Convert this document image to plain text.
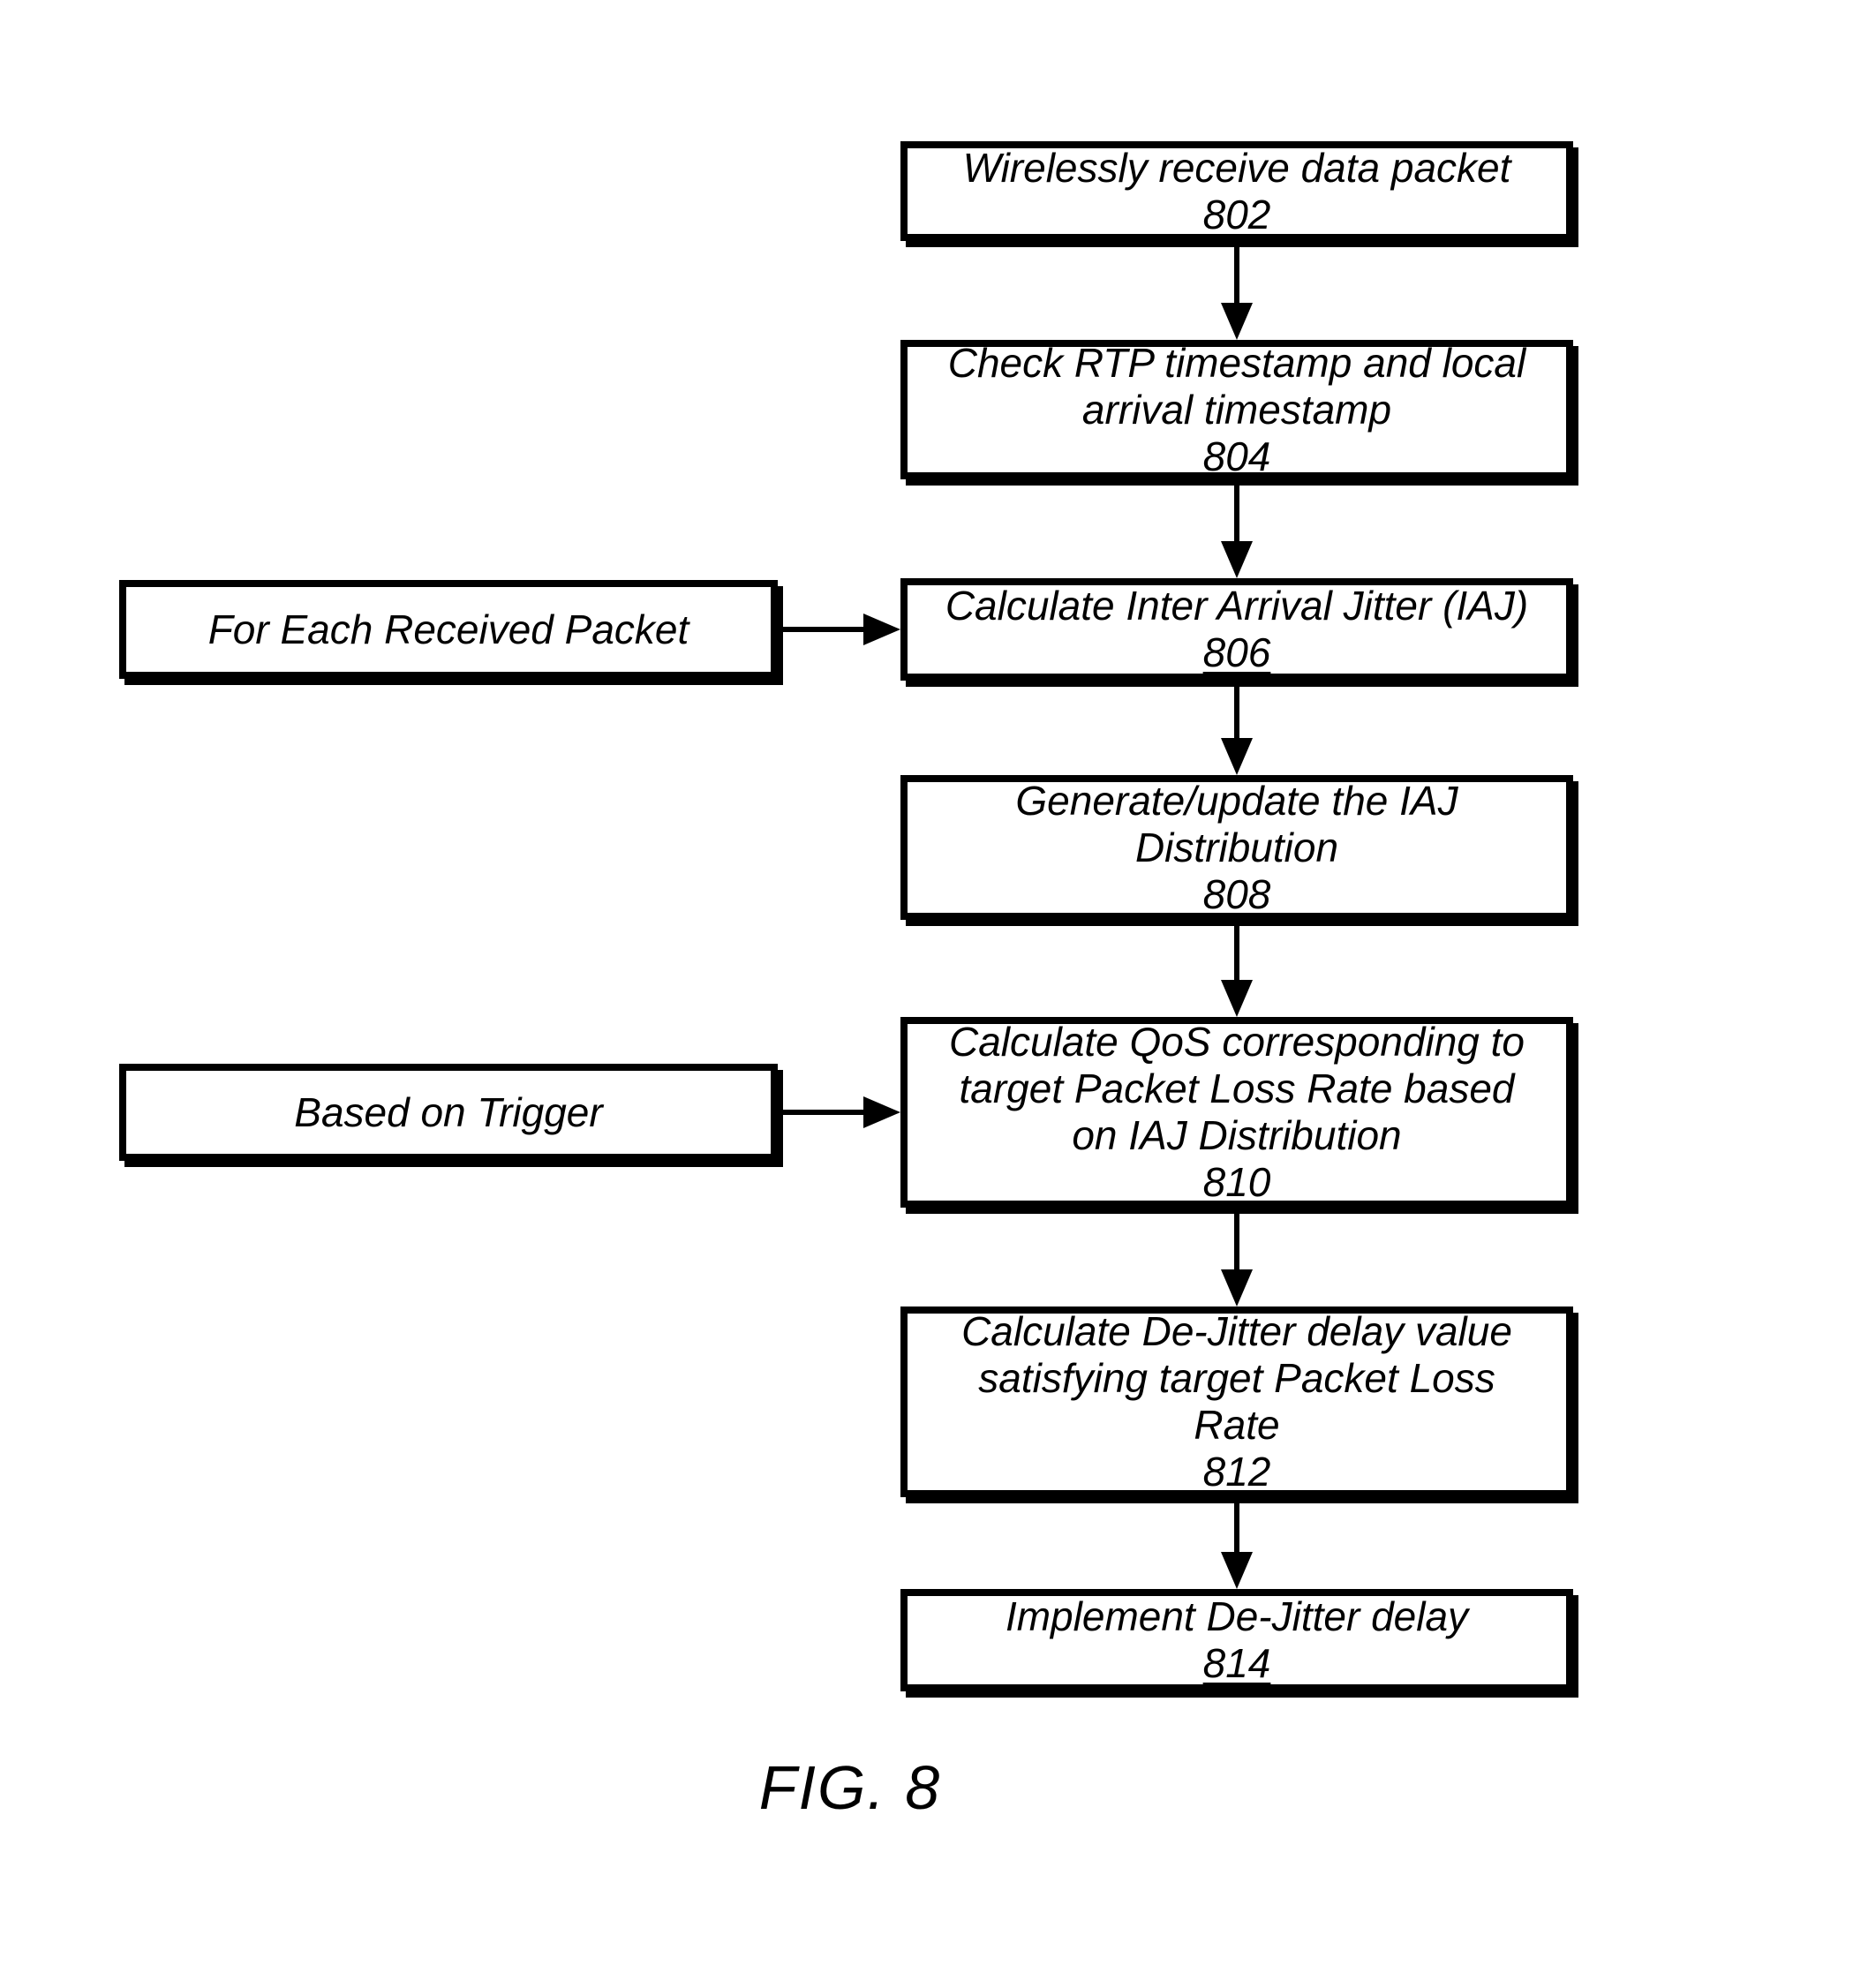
Wirelessly receive data packet
802
Check RTP timestamp and local
arrival timestamp
804
Calculate Inter Arrival Jitter (IAJ)
806
Generate/update the IAJ
Distribution
808
Calculate QoS corresponding to
target Packet Loss Rate based
on IAJ Distribution
810
Calculate De-Jitter delay value
satisfying target Packet Loss
Rate
812
Implement De-Jitter delay
814
For Each Received Packet
Based on Trigger
FIG. 8
